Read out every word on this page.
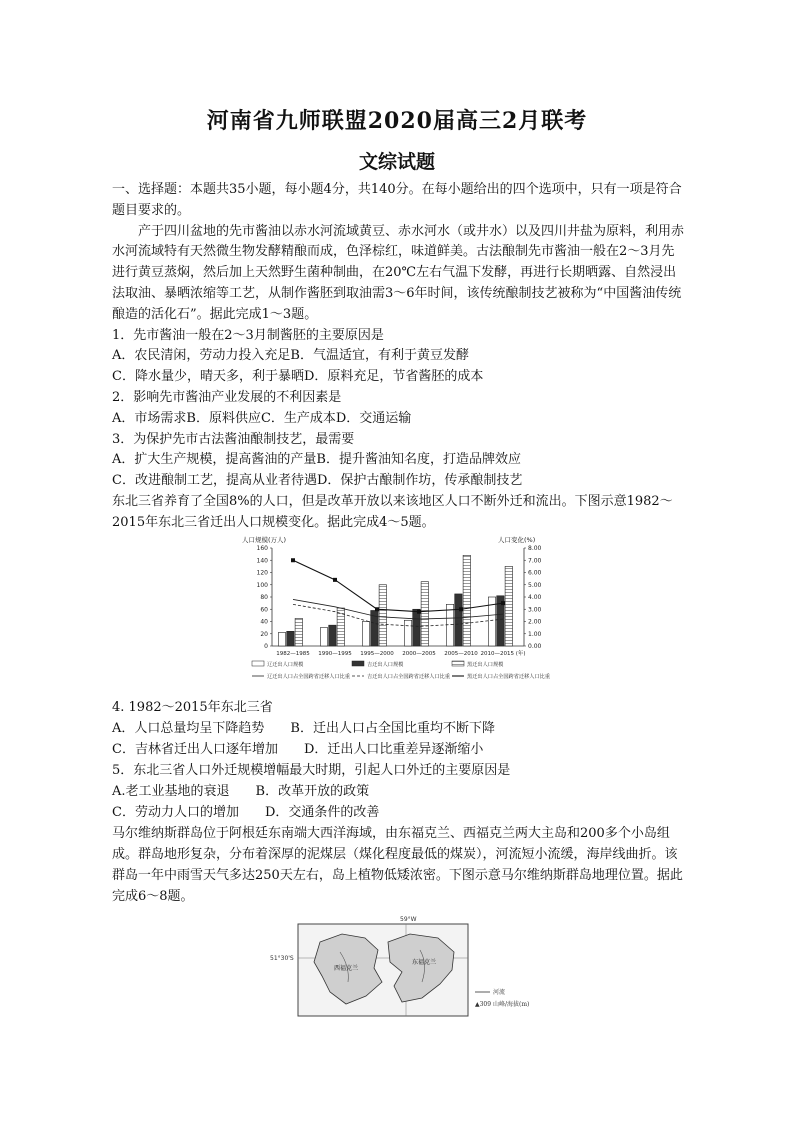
河南省九师联盟2020届高三2月联考
文综试题

一、选择题：本题共35小题，每小题4分，共140分。在每小题给出的四个选项中，只有一项是符合题目要求的。

产于四川盆地的先市酱油以赤水河流域黄豆、赤水河水（或井水）以及四川井盐为原料，利用赤水河流域特有天然微生物发酵精酿而成，色泽棕红，味道鲜美。古法酿制先市酱油一般在2～3月先进行黄豆蒸焖，然后加上天然野生菌种制曲，在20℃左右气温下发酵，再进行长期晒露、自然浸出法取油、暴晒浓缩等工艺，从制作酱胚到取油需3～6年时间，该传统酿制技艺被称为“中国酱油传统酿造的活化石”。据此完成1～3题。

1．先市酱油一般在2～3月制酱胚的主要原因是

A．农民清闲，劳动力投入充足B．气温适宜，有利于黄豆发酵

C．降水量少，晴天多，利于暴晒D．原料充足，节省酱胚的成本

2．影响先市酱油产业发展的不利因素是

A．市场需求B．原料供应C．生产成本D．交通运输

3．为保护先市古法酱油酿制技艺，最需要

A．扩大生产规模，提高酱油的产量B．提升酱油知名度，打造品牌效应

C．改进酿制工艺，提高从业者待遇D．保护古酿制作坊，传承酿制技艺

东北三省养育了全国8%的人口，但是改革开放以来该地区人口不断外迁和流出。下图示意1982～2015年东北三省迁出人口规模变化。据此完成4～5题。

0
20
40
60
80
100
120
140
160
0.00
1.00
2.00
3.00
4.00
5.00
6.00
7.00
8.00
人口规模(万人)	人口变化(%)
1982—1985 1990—1995 1995—2000 2000—2005 2005—2010 2010—2015 (年)
辽迁出人口规模	吉迁出人口规模	黑迁出人口规模
辽迁出人口占全国跨省迁移人口比重	吉迁出人口占全国跨省迁移人口比重	黑迁出人口占全国跨省迁移人口比重

4. 1982～2015年东北三省

A．人口总量均呈下降趋势 B．迁出人口占全国比重均不断下降

C．吉林省迁出人口逐年增加 D．迁出人口比重差异逐渐缩小

5．东北三省人口外迁规模增幅最大时期，引起人口外迁的主要原因是

A.老工业基地的衰退 B．改革开放的政策

C．劳动力人口的增加 D．交通条件的改善

马尔维纳斯群岛位于阿根廷东南端大西洋海域，由东福克兰、西福克兰两大主岛和200多个小岛组成。群岛地形复杂，分布着深厚的泥煤层（煤化程度最低的煤炭），河流短小流缓，海岸线曲折。该群岛一年中雨雪天气多达250天左右，岛上植物低矮浓密。下图示意马尔维纳斯群岛地理位置。据此完成6～8题。

59°W
51°30'S
西福克兰
东福克兰
河流
▲309 山峰/海拔(m)
